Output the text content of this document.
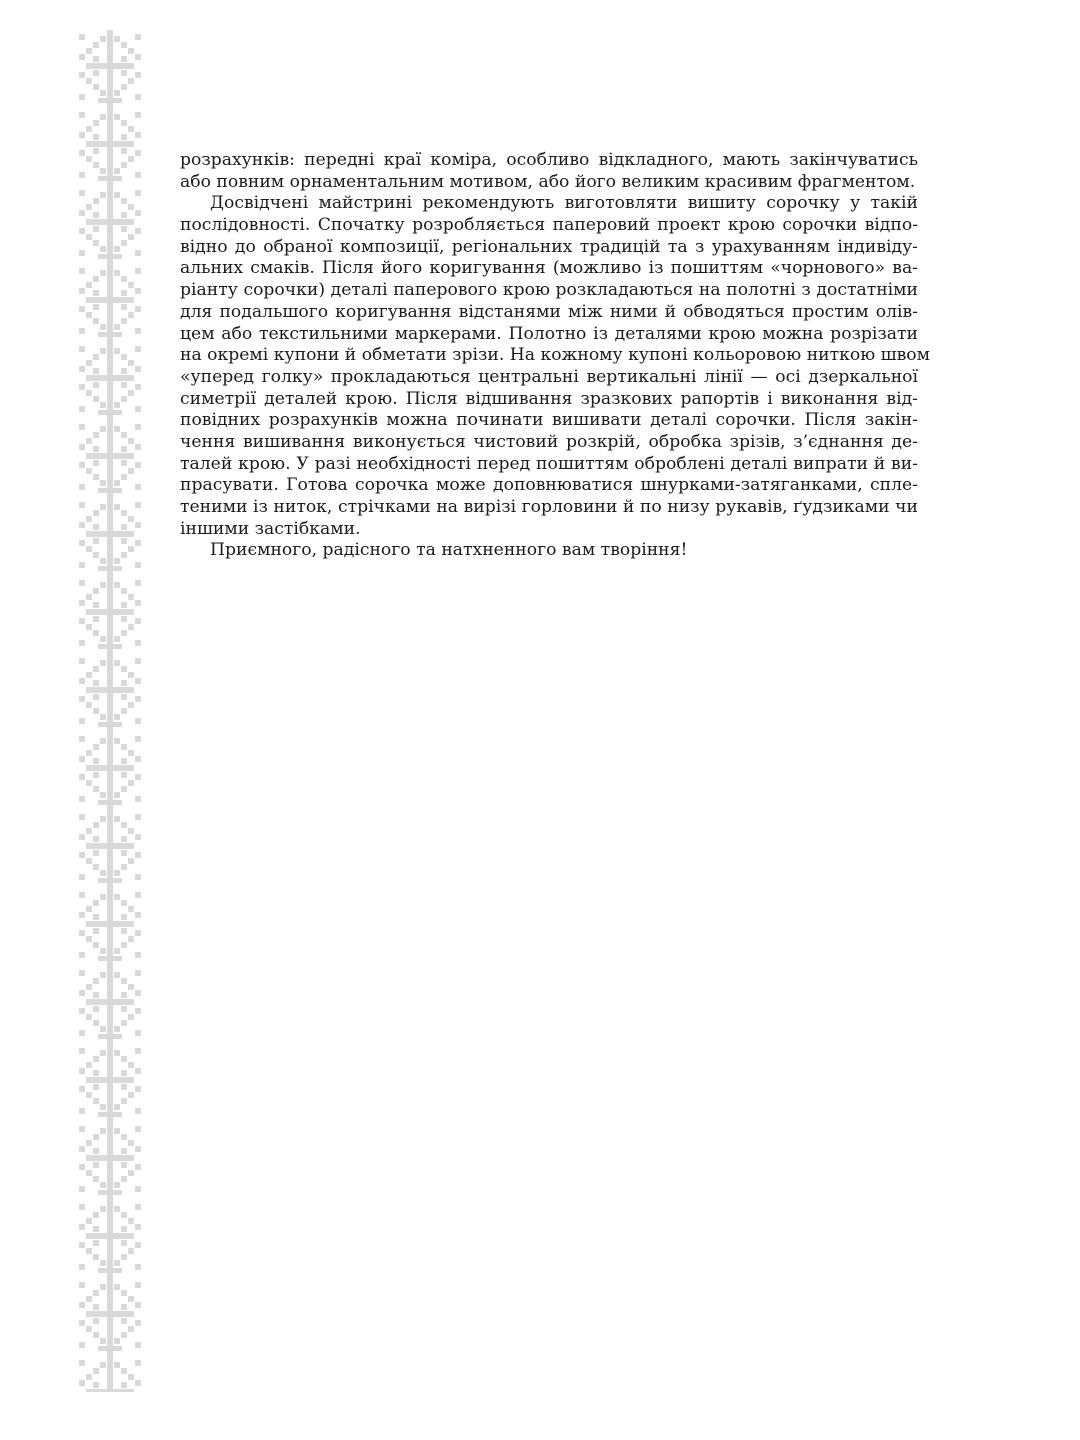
розрахунків: передні краї коміра, особливо відкладного, мають закінчуватись
або повним орнаментальним мотивом, або його великим красивим фрагментом.
Досвідчені майстрині рекомендують виготовляти вишиту сорочку у такій
послідовності. Спочатку розробляється паперовий проект крою сорочки відпо-
відно до обраної композиції, регіональних традицій та з урахуванням індивіду-
альних смаків. Після його коригування (можливо із пошиттям «чорнового» ва-
ріанту сорочки) деталі паперового крою розкладаються на полотні з достатніми
для подальшого коригування відстанями між ними й обводяться простим олів-
цем або текстильними маркерами. Полотно із деталями крою можна розрізати
на окремі купони й обметати зрізи. На кожному купоні кольоровою ниткою швом
«уперед голку» прокладаються центральні вертикальні лінії — осі дзеркальної
симетрії деталей крою. Після відшивання зразкових рапортів і виконання від-
повідних розрахунків можна починати вишивати деталі сорочки. Після закін-
чення вишивання виконується чистовий розкрій, обробка зрізів, з’єднання де-
талей крою. У разі необхідності перед пошиттям оброблені деталі випрати й ви-
прасувати. Готова сорочка може доповнюватися шнурками-затяганками, спле-
теними із ниток, стрічками на вирізі горловини й по низу рукавів, ґудзиками чи
іншими застібками.
Приємного, радісного та натхненного вам творіння!
